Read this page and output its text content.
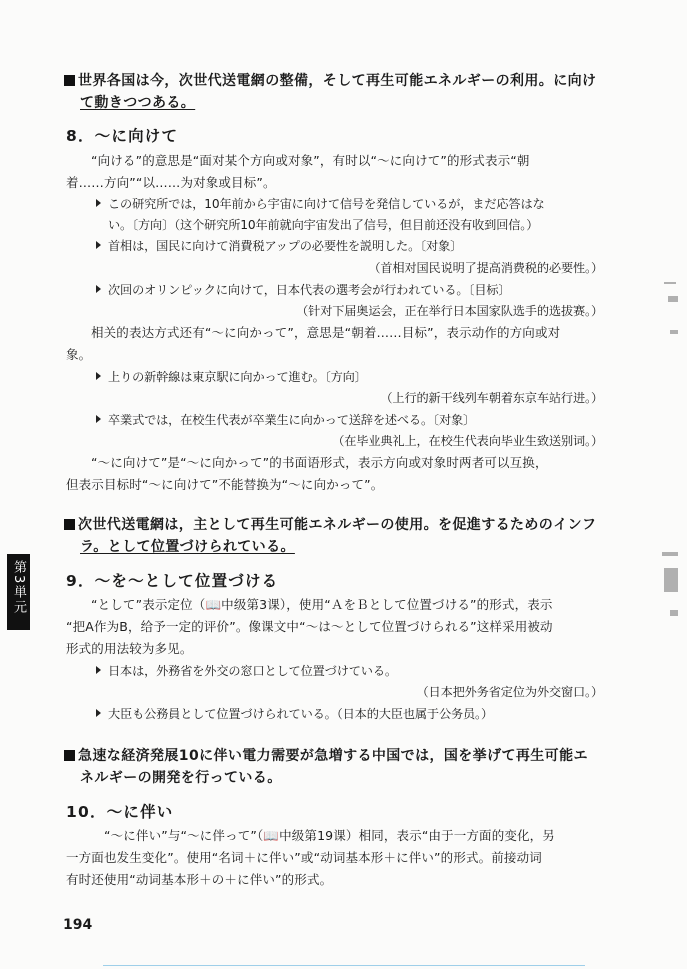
世界各国は今，次世代送電網の整備，そして再生可能エネルギーの利用。に向け
て動きつつある。
8．～に向けて
“向ける”的意思是“面对某个方向或对象”，有时以“～に向けて”的形式表示“朝
着……方向”“以……为对象或目标”。
この研究所では，10年前から宇宙に向けて信号を発信しているが，まだ応答はな
い。〔方向〕（这个研究所10年前就向宇宙发出了信号，但目前还没有收到回信。）
首相は，国民に向けて消費税アップの必要性を説明した。〔对象〕
（首相对国民说明了提高消费税的必要性。）
次回のオリンピックに向けて，日本代表の選考会が行われている。〔目标〕
（针对下届奥运会，正在举行日本国家队选手的选拔赛。）
相关的表达方式还有“～に向かって”，意思是“朝着……目标”，表示动作的方向或对
象。
上りの新幹線は東京駅に向かって進む。〔方向〕
（上行的新干线列车朝着东京车站行进。）
卒業式では，在校生代表が卒業生に向かって送辞を述べる。〔对象〕
（在毕业典礼上，在校生代表向毕业生致送别词。）
“～に向けて”是“～に向かって”的书面语形式，表示方向或对象时两者可以互换，
但表示目标时“～に向けて”不能替换为“～に向かって”。
次世代送電網は，主として再生可能エネルギーの使用。を促進するためのインフ
ラ。として位置づけられている。
9．～を～として位置づける
“として”表示定位（📖中级第3课），使用“ＡをＢとして位置づける”的形式，表示
“把A作为B，给予一定的评价”。像课文中“～は～として位置づけられる”这样采用被动
形式的用法较为多见。
日本は，外務省を外交の窓口として位置づけている。
（日本把外务省定位为外交窗口。）
大臣も公務員として位置づけられている。（日本的大臣也属于公务员。）
急速な経済発展10に伴い電力需要が急増する中国では，国を挙げて再生可能エ
ネルギーの開発を行っている。
10．～に伴い
“～に伴い”与“～に伴って”（📖中级第19课）相同，表示“由于一方面的变化，另
一方面也发生变化”。使用“名词＋に伴い”或“动词基本形＋に伴い”的形式。前接动词
有时还使用“动词基本形＋の＋に伴い”的形式。
第3単元
194
